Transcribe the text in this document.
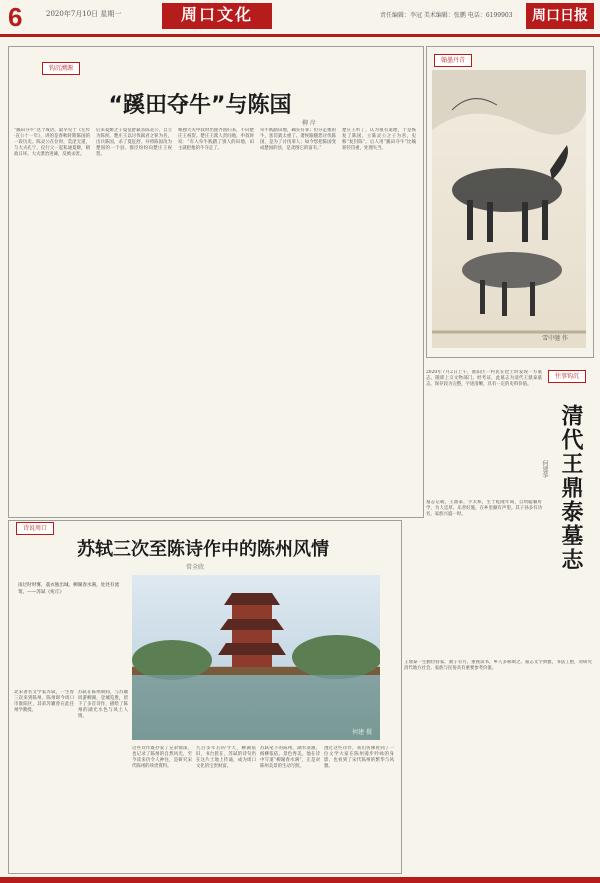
6	2020年7月10日 星期一	周口文化	责任编辑：李冠 美术编辑：张鹏 电话：6199903	周口日报
钩沉溯源
“蹊田夺牛”与陈国
柳 岸
“蹊田夺牛”这个成语，最早见于《左传·宣公十一年》，讲的是春秋时期陈国的一段历史。陈灵公在位时，荒淫无道，与大夫孔宁、仪行父一起私通夏姬，朝政日坏。大夫泄冶进谏，反被杀害。
后来夏姬之子夏征舒弑杀陈灵公，自立为陈侯。楚庄王以讨伐弑君之罪为名，出兵陈国，杀了夏征舒，并将陈国改为楚国的一个县。群臣纷纷向楚庄王祝贺。
唯独大夫申叔时出使齐国归来，不向楚庄王祝贺。楚庄王派人责问他，申叔时说：“有人牵牛践踏了别人的田地，田主就把他的牛夺走了。
牵牛践踏田地，确实有罪；但夺走他的牛，惩罚就太重了。诸侯跟随您讨伐陈国，是为了讨伐罪人；如今您把陈国变成楚国的县，是贪图它的富有。”
楚庄王听了，认为很有道理，于是恢复了陈国，立陈灵公之子为君，史称“复封陈”。后人用“蹊田夺牛”比喻罪轻罚重，处理失当。
翰墨丹青
雪中驰 作
往事钩沉
清代王鼎泰墓志
何建华
2020年7月2日上午，淮阳区一村民在挖土时发现一方墓志，随即上交文物部门。经考证，此墓志为清代王鼎泰墓志，保存较为完整，字迹清晰，具有一定的史料价值。
墓志记载，王鼎泰，字太和，生于乾隆年间，自幼聪颖好学，为人忠厚，乐善好施，在乡里颇有声望。其子孙多有功名，家族兴盛一时。
王鼎泰一生勤俭持家，教子有方，重视读书，乡人多称颂之。墓志文字典雅，书法工整，对研究清代地方社会、家族与民俗具有重要参考价值。
诗说周口
苏轼三次至陈诗作中的陈州风情
常全欣
雨过时时雾，蓑衣独出城。柳湖春水满，处处有流莺。——苏轼《宛丘》
何建 摄
北宋著名文学家苏轼，一生曾三次来到陈州。陈州即今周口市淮阳区，其弟苏辙曾在此任州学教授。
苏轼在陈州期间，与苏辙同游柳湖，登城览胜，留下了多首诗作，描绘了陈州的湖光水色与风土人情。
这些诗作既抒发了兄弟情深，也记录了陈州的自然风光，至今读来仍令人神往，是研究宋代陈州的珍贵资料。
九百多年后的今天，柳湖依旧，书台犹在，苏轼的诗句仍在这片土地上传诵，成为周口文化的宝贵财富。
苏轼笔下的陈州，湖水清澈，杨柳依依，景色秀美。他在诗中写道“柳湖春水满”，正是对陈州美景的生动写照。
透过这些诗作，我们仿佛看到了一位文学大家在陈州漫步吟咏的身影，也看到了宋代陈州的繁华与风雅。
